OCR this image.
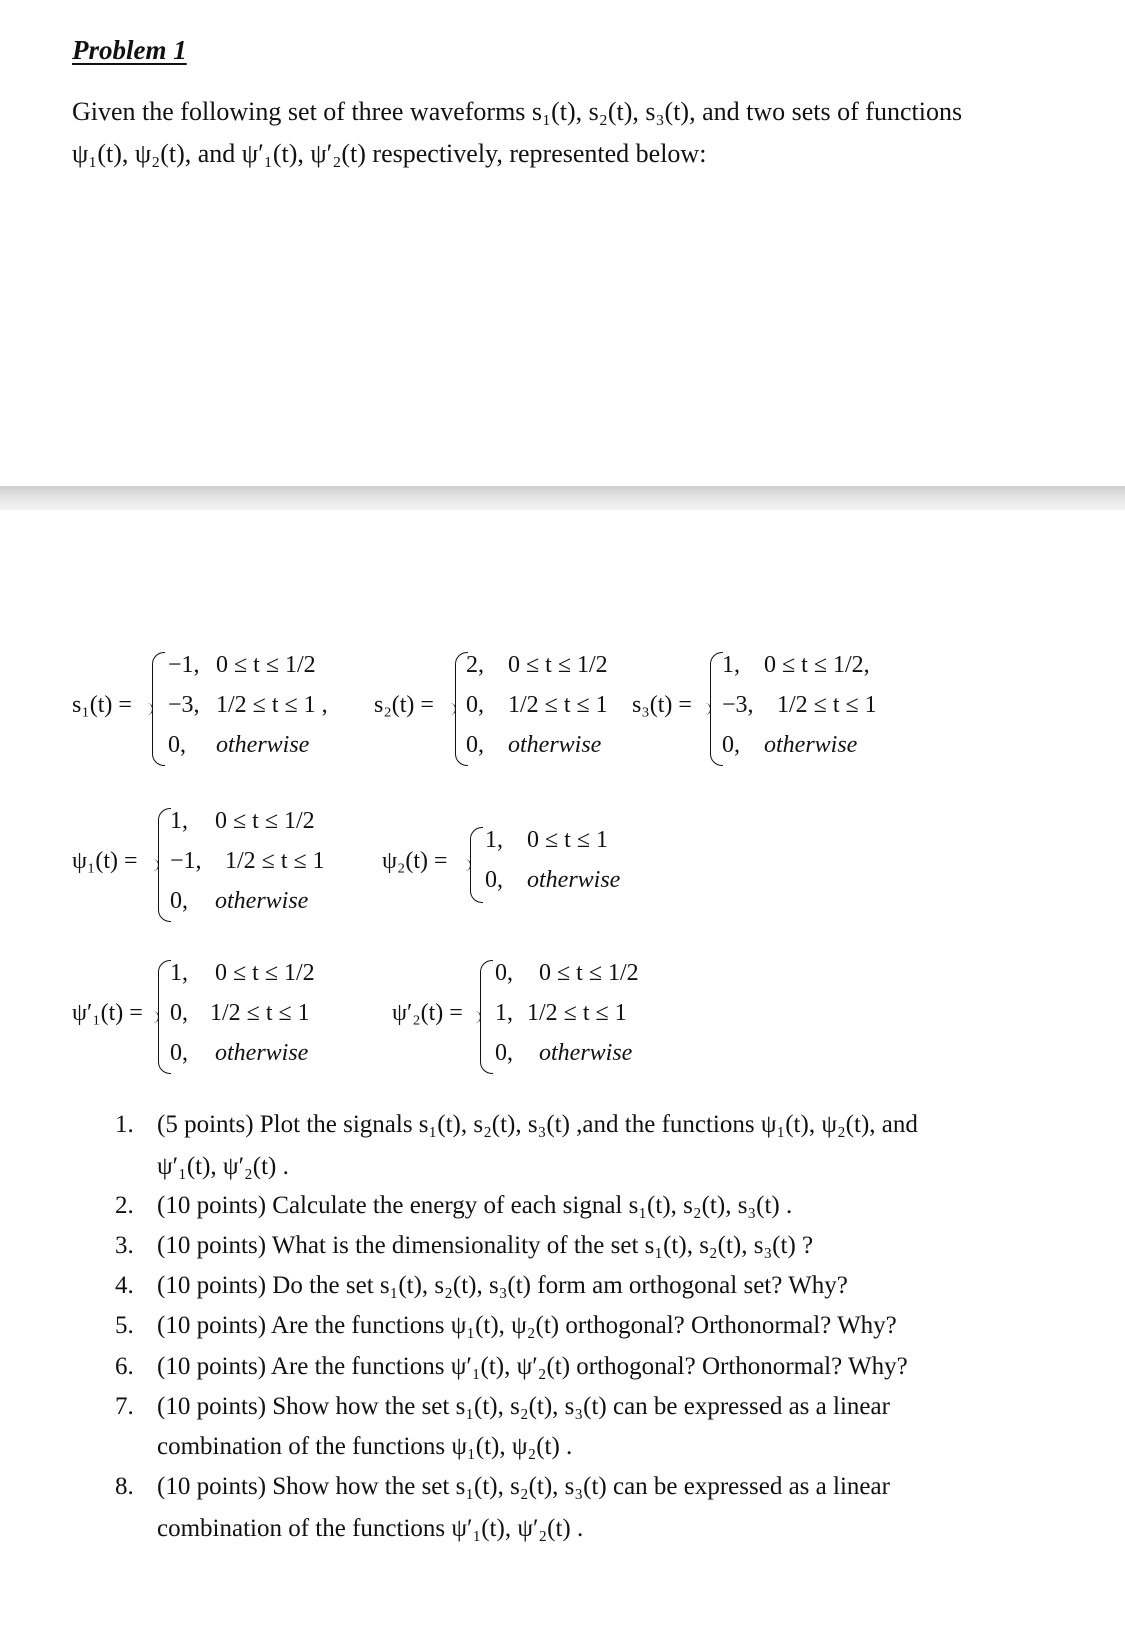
Problem 1
Given the following set of three waveforms s₁(t), s₂(t), s₃(t), and two sets of functions
ψ₁(t), ψ₂(t), and ψ′₁(t), ψ′₂(t) respectively, represented below:
s₁(t) =
−1, 0 ≤ t ≤ 1/2
−3, 1/2 ≤ t ≤ 1 ,
0, otherwise
s₂(t) =
2, 0 ≤ t ≤ 1/2
0, 1/2 ≤ t ≤ 1
0, otherwise
s₃(t) =
1, 0 ≤ t ≤ 1/2,
−3, 1/2 ≤ t ≤ 1
0, otherwise
ψ₁(t) =
1, 0 ≤ t ≤ 1/2
−1, 1/2 ≤ t ≤ 1
0, otherwise
ψ₂(t) =
1, 0 ≤ t ≤ 1
0, otherwise
ψ′₁(t) =
1, 0 ≤ t ≤ 1/2
0, 1/2 ≤ t ≤ 1
0, otherwise
ψ′₂(t) =
0, 0 ≤ t ≤ 1/2
1, 1/2 ≤ t ≤ 1
0, otherwise
1. (5 points) Plot the signals s₁(t), s₂(t), s₃(t) ,and the functions ψ₁(t), ψ₂(t), and
ψ′₁(t), ψ′₂(t) .
2. (10 points) Calculate the energy of each signal s₁(t), s₂(t), s₃(t) .
3. (10 points) What is the dimensionality of the set s₁(t), s₂(t), s₃(t) ?
4. (10 points) Do the set s₁(t), s₂(t), s₃(t) form am orthogonal set? Why?
5. (10 points) Are the functions ψ₁(t), ψ₂(t) orthogonal? Orthonormal? Why?
6. (10 points) Are the functions ψ′₁(t), ψ′₂(t) orthogonal? Orthonormal? Why?
7. (10 points) Show how the set s₁(t), s₂(t), s₃(t) can be expressed as a linear
combination of the functions ψ₁(t), ψ₂(t) .
8. (10 points) Show how the set s₁(t), s₂(t), s₃(t) can be expressed as a linear
combination of the functions ψ′₁(t), ψ′₂(t) .
